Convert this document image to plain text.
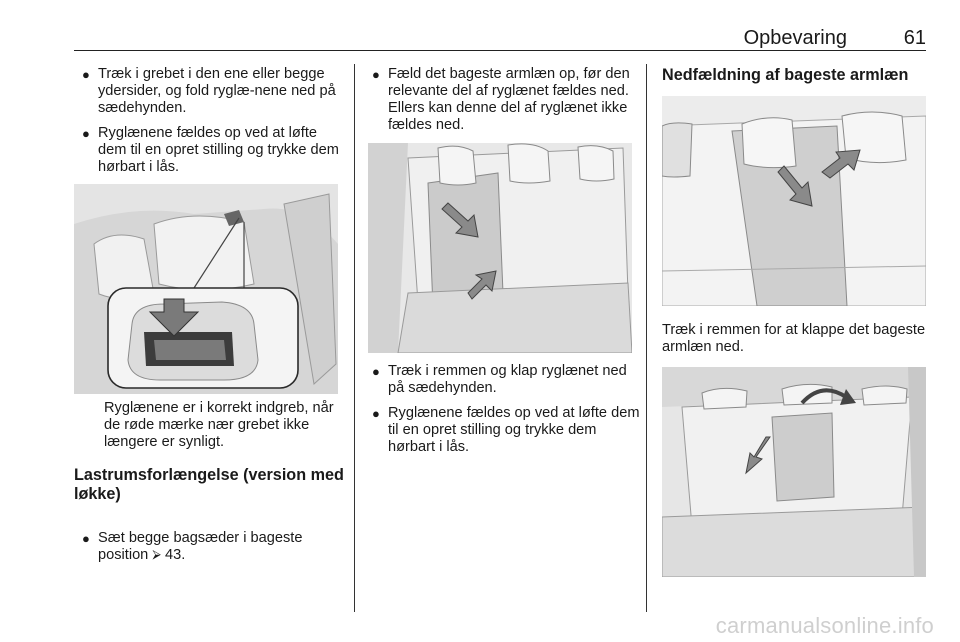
Opbevaring	61
● Træk i grebet i den ene eller begge ydersider, og fold ryglæ-nene ned på sædehynden.

● Ryglænene fældes op ved at løfte dem til en opret stilling og trykke dem hørbart i lås.

Ryglænene er i korrekt indgreb, når de røde mærke nær grebet ikke længere er synligt.
Lastrumsforlængelse (version med løkke)
● Sæt begge bagsæder i bageste position ⮚ 43.

● Fæld det bageste armlæn op, før den relevante del af ryglænet fældes ned. Ellers kan denne del af ryglænet ikke fældes ned.

● Træk i remmen og klap ryglænet ned på sædehynden.

● Ryglænene fældes op ved at løfte dem til en opret stilling og trykke dem hørbart i lås.

Nedfældning af bageste armlæn
Træk i remmen for at klappe det bageste armlæn ned.
carmanualsonline.info
